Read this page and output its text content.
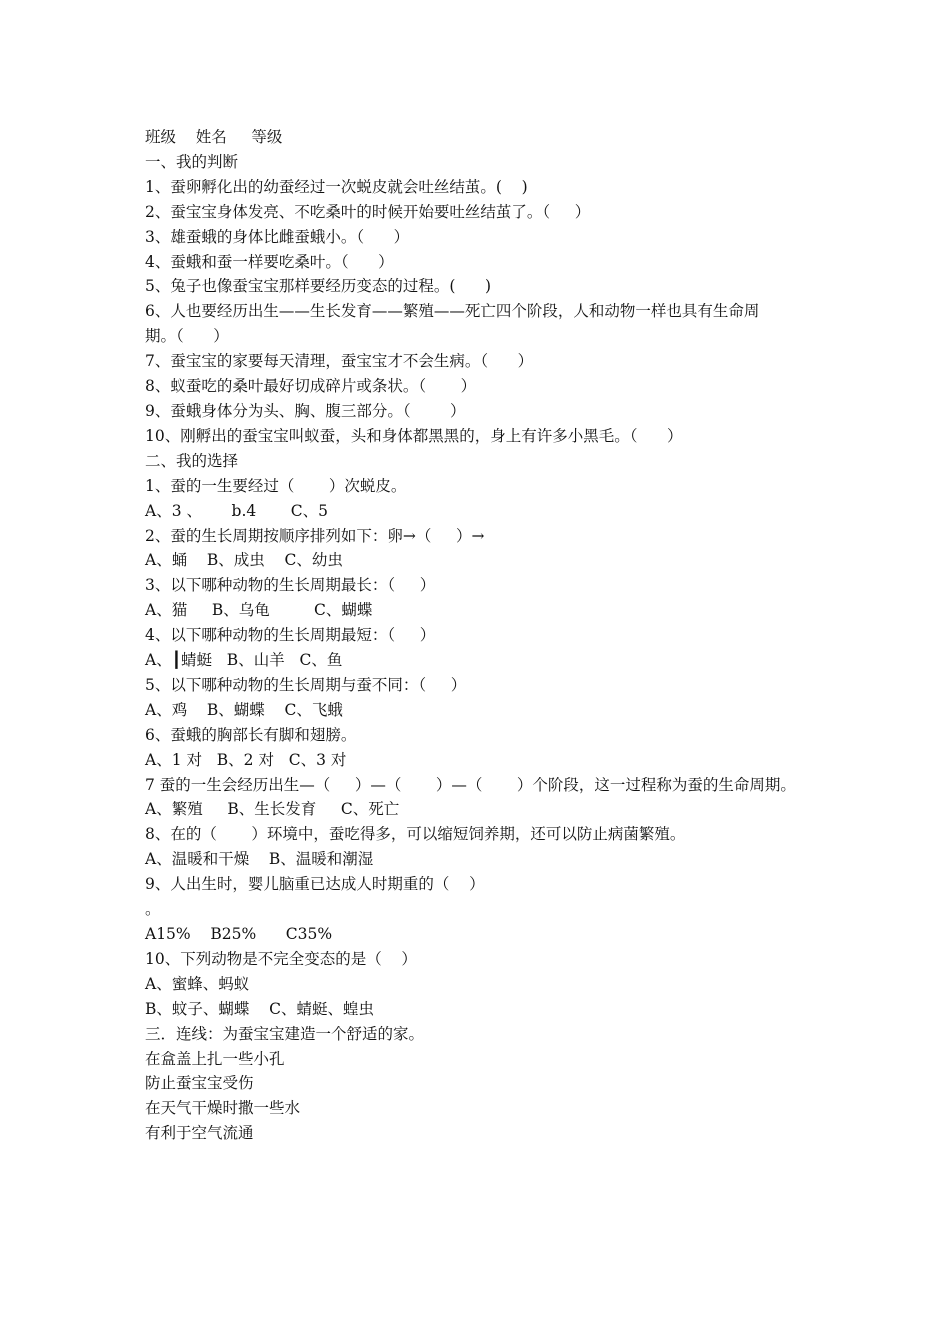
班级    姓名     等级

一、我的判断

1、蚕卵孵化出的幼蚕经过一次蜕皮就会吐丝结茧。(    )

2、蚕宝宝身体发亮、不吃桑叶的时候开始要吐丝结茧了。（     ）

3、雄蚕蛾的身体比雌蚕蛾小。（      ）

4、蚕蛾和蚕一样要吃桑叶。（      ）

5、兔子也像蚕宝宝那样要经历变态的过程。(      )

6、人也要经历出生——生长发育——繁殖——死亡四个阶段，人和动物一样也具有生命周

期。（      ）

7、蚕宝宝的家要每天清理，蚕宝宝才不会生病。（      ）

8、蚁蚕吃的桑叶最好切成碎片或条状。（       ）

9、蚕蛾身体分为头、胸、腹三部分。（        ）

10、刚孵出的蚕宝宝叫蚁蚕，头和身体都黑黑的，身上有许多小黑毛。（      ）

二、我的选择

1、蚕的一生要经过（       ）次蜕皮。

A、3 、      b.4       C、5

2、蚕的生长周期按顺序排列如下：卵→（     ）→

A、蛹    B、成虫    C、幼虫

3、以下哪种动物的生长周期最长：（     ）

A、猫     B、乌龟         C、蝴蝶

4、以下哪种动物的生长周期最短：（     ）

A、┃蜻蜓   B、山羊   C、鱼

5、以下哪种动物的生长周期与蚕不同：（     ）

A、鸡    B、蝴蝶    C、飞蛾

6、蚕蛾的胸部长有脚和翅膀。

A、1 对   B、2 对   C、3 对

7 蚕的一生会经历出生—（     ）—（       ）—（       ）个阶段，这一过程称为蚕的生命周期。

A、繁殖     B、生长发育     C、死亡

8、在的（       ）环境中，蚕吃得多，可以缩短饲养期，还可以防止病菌繁殖。

A、温暖和干燥    B、温暖和潮湿

9、人出生时，婴儿脑重已达成人时期重的（    ）

。

A15%    B25%      C35%

10、下列动物是不完全变态的是（    ）

A、蜜蜂、蚂蚁

B、蚊子、蝴蝶    C、蜻蜓、蝗虫

三．连线：为蚕宝宝建造一个舒适的家。

在盒盖上扎一些小孔

防止蚕宝宝受伤

在天气干燥时撒一些水

有利于空气流通
